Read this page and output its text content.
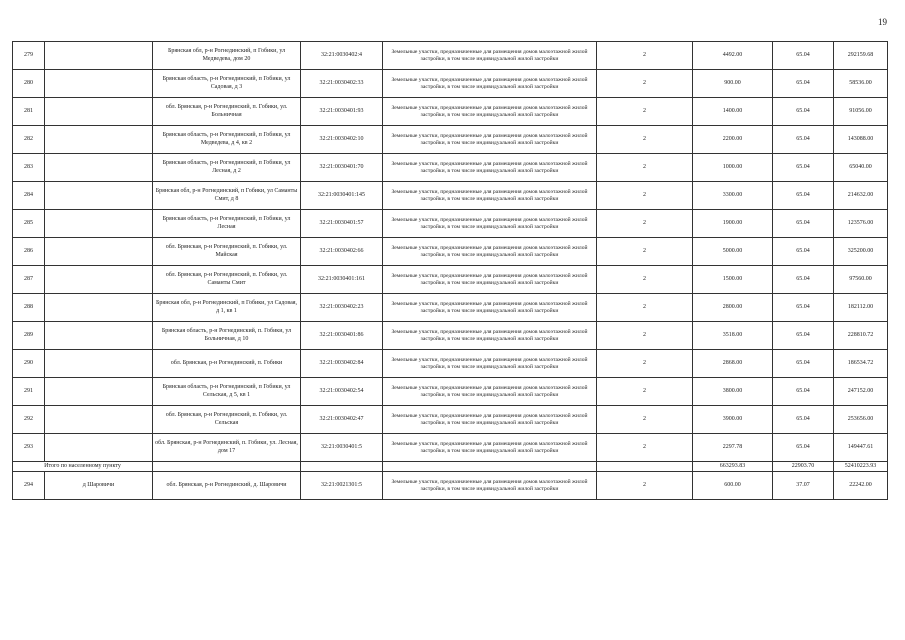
19
279		Брянская обл, р-н Рогнединский, п Гобики, ул Медведева, дом 20	32:21:0030402:4	Земельные участки, предназначенные для размещения домов малоэтажной жилой застройки, в том числе индивидуальной жилой застройки	2	4492.00	65.04	292159.68
280		Брянская область, р-н Рогнединский, п Гобики, ул Садовая, д 3	32:21:0030402:33	Земельные участки, предназначенные для размещения домов малоэтажной жилой застройки, в том числе индивидуальной жилой застройки	2	900.00	65.04	58536.00
281		обл. Брянская, р-н Рогнединский, п. Гобики, ул. Больничная	32:21:0030401:93	Земельные участки, предназначенные для размещения домов малоэтажной жилой застройки, в том числе индивидуальной жилой застройки	2	1400.00	65.04	91056.00
282		Брянская область, р-н Рогнединский, п Гобики, ул Медведева, д 4, кв 2	32:21:0030402:10	Земельные участки, предназначенные для размещения домов малоэтажной жилой застройки, в том числе индивидуальной жилой застройки	2	2200.00	65.04	143088.00
283		Брянская область, р-н Рогнединский, п Гобики, ул Лесная, д 2	32:21:0030401:70	Земельные участки, предназначенные для размещения домов малоэтажной жилой застройки, в том числе индивидуальной жилой застройки	2	1000.00	65.04	65040.00
284		Брянская обл, р-н Рогнединский, п Гобики, ул Саманты Смит, д 8	32:21:0030401:145	Земельные участки, предназначенные для размещения домов малоэтажной жилой застройки, в том числе индивидуальной жилой застройки	2	3300.00	65.04	214632.00
285		Брянская область, р-н Рогнединский, п Гобики, ул Лесная	32:21:0030401:57	Земельные участки, предназначенные для размещения домов малоэтажной жилой застройки, в том числе индивидуальной жилой застройки	2	1900.00	65.04	123576.00
286		обл. Брянская, р-н Рогнединский, п. Гобики, ул. Майская	32:21:0030402:66	Земельные участки, предназначенные для размещения домов малоэтажной жилой застройки, в том числе индивидуальной жилой застройки	2	5000.00	65.04	325200.00
287		обл. Брянская, р-н Рогнединский, п. Гобики, ул. Саманты Смит	32:21:0030401:161	Земельные участки, предназначенные для размещения домов малоэтажной жилой застройки, в том числе индивидуальной жилой застройки	2	1500.00	65.04	97560.00
288		Брянская обл, р-н Рогнединский, п Гобики, ул Садовая, д 1, кв 1	32:21:0030402:23	Земельные участки, предназначенные для размещения домов малоэтажной жилой застройки, в том числе индивидуальной жилой застройки	2	2800.00	65.04	182112.00
289		Брянская область, р-н Рогнединский, п. Гобики, ул Больничная, д 10	32:21:0030401:86	Земельные участки, предназначенные для размещения домов малоэтажной жилой застройки, в том числе индивидуальной жилой застройки	2	3518.00	65.04	228810.72
290		обл. Брянская, р-н Рогнединский, п. Гобики	32:21:0030402:84	Земельные участки, предназначенные для размещения домов малоэтажной жилой застройки, в том числе индивидуальной жилой застройки	2	2868.00	65.04	186534.72
291		Брянская область, р-н Рогнединский, п Гобики, ул Сельская, д 5, кв 1	32:21:0030402:54	Земельные участки, предназначенные для размещения домов малоэтажной жилой застройки, в том числе индивидуальной жилой застройки	2	3800.00	65.04	247152.00
292		обл. Брянская, р-н Рогнединский, п. Гобики, ул. Сельская	32:21:0030402:47	Земельные участки, предназначенные для размещения домов малоэтажной жилой застройки, в том числе индивидуальной жилой застройки	2	3900.00	65.04	253656.00
293		обл. Брянская, р-н Рогнединский, п. Гобики, ул. Лесная, дом 17	32:21:0030401:5	Земельные участки, предназначенные для размещения домов малоэтажной жилой застройки, в том числе индивидуальной жилой застройки	2	2297.78	65.04	149447.61
Итого по населенному пункту						663293.83	22903.70	52410223.93
294	д Шаровичи	обл. Брянская, р-н Рогнединский, д. Шаровичи	32:21:0021301:5	Земельные участки, предназначенные для размещения домов малоэтажной жилой застройки, в том числе индивидуальной жилой застройки	2	600.00	37.07	22242.00
